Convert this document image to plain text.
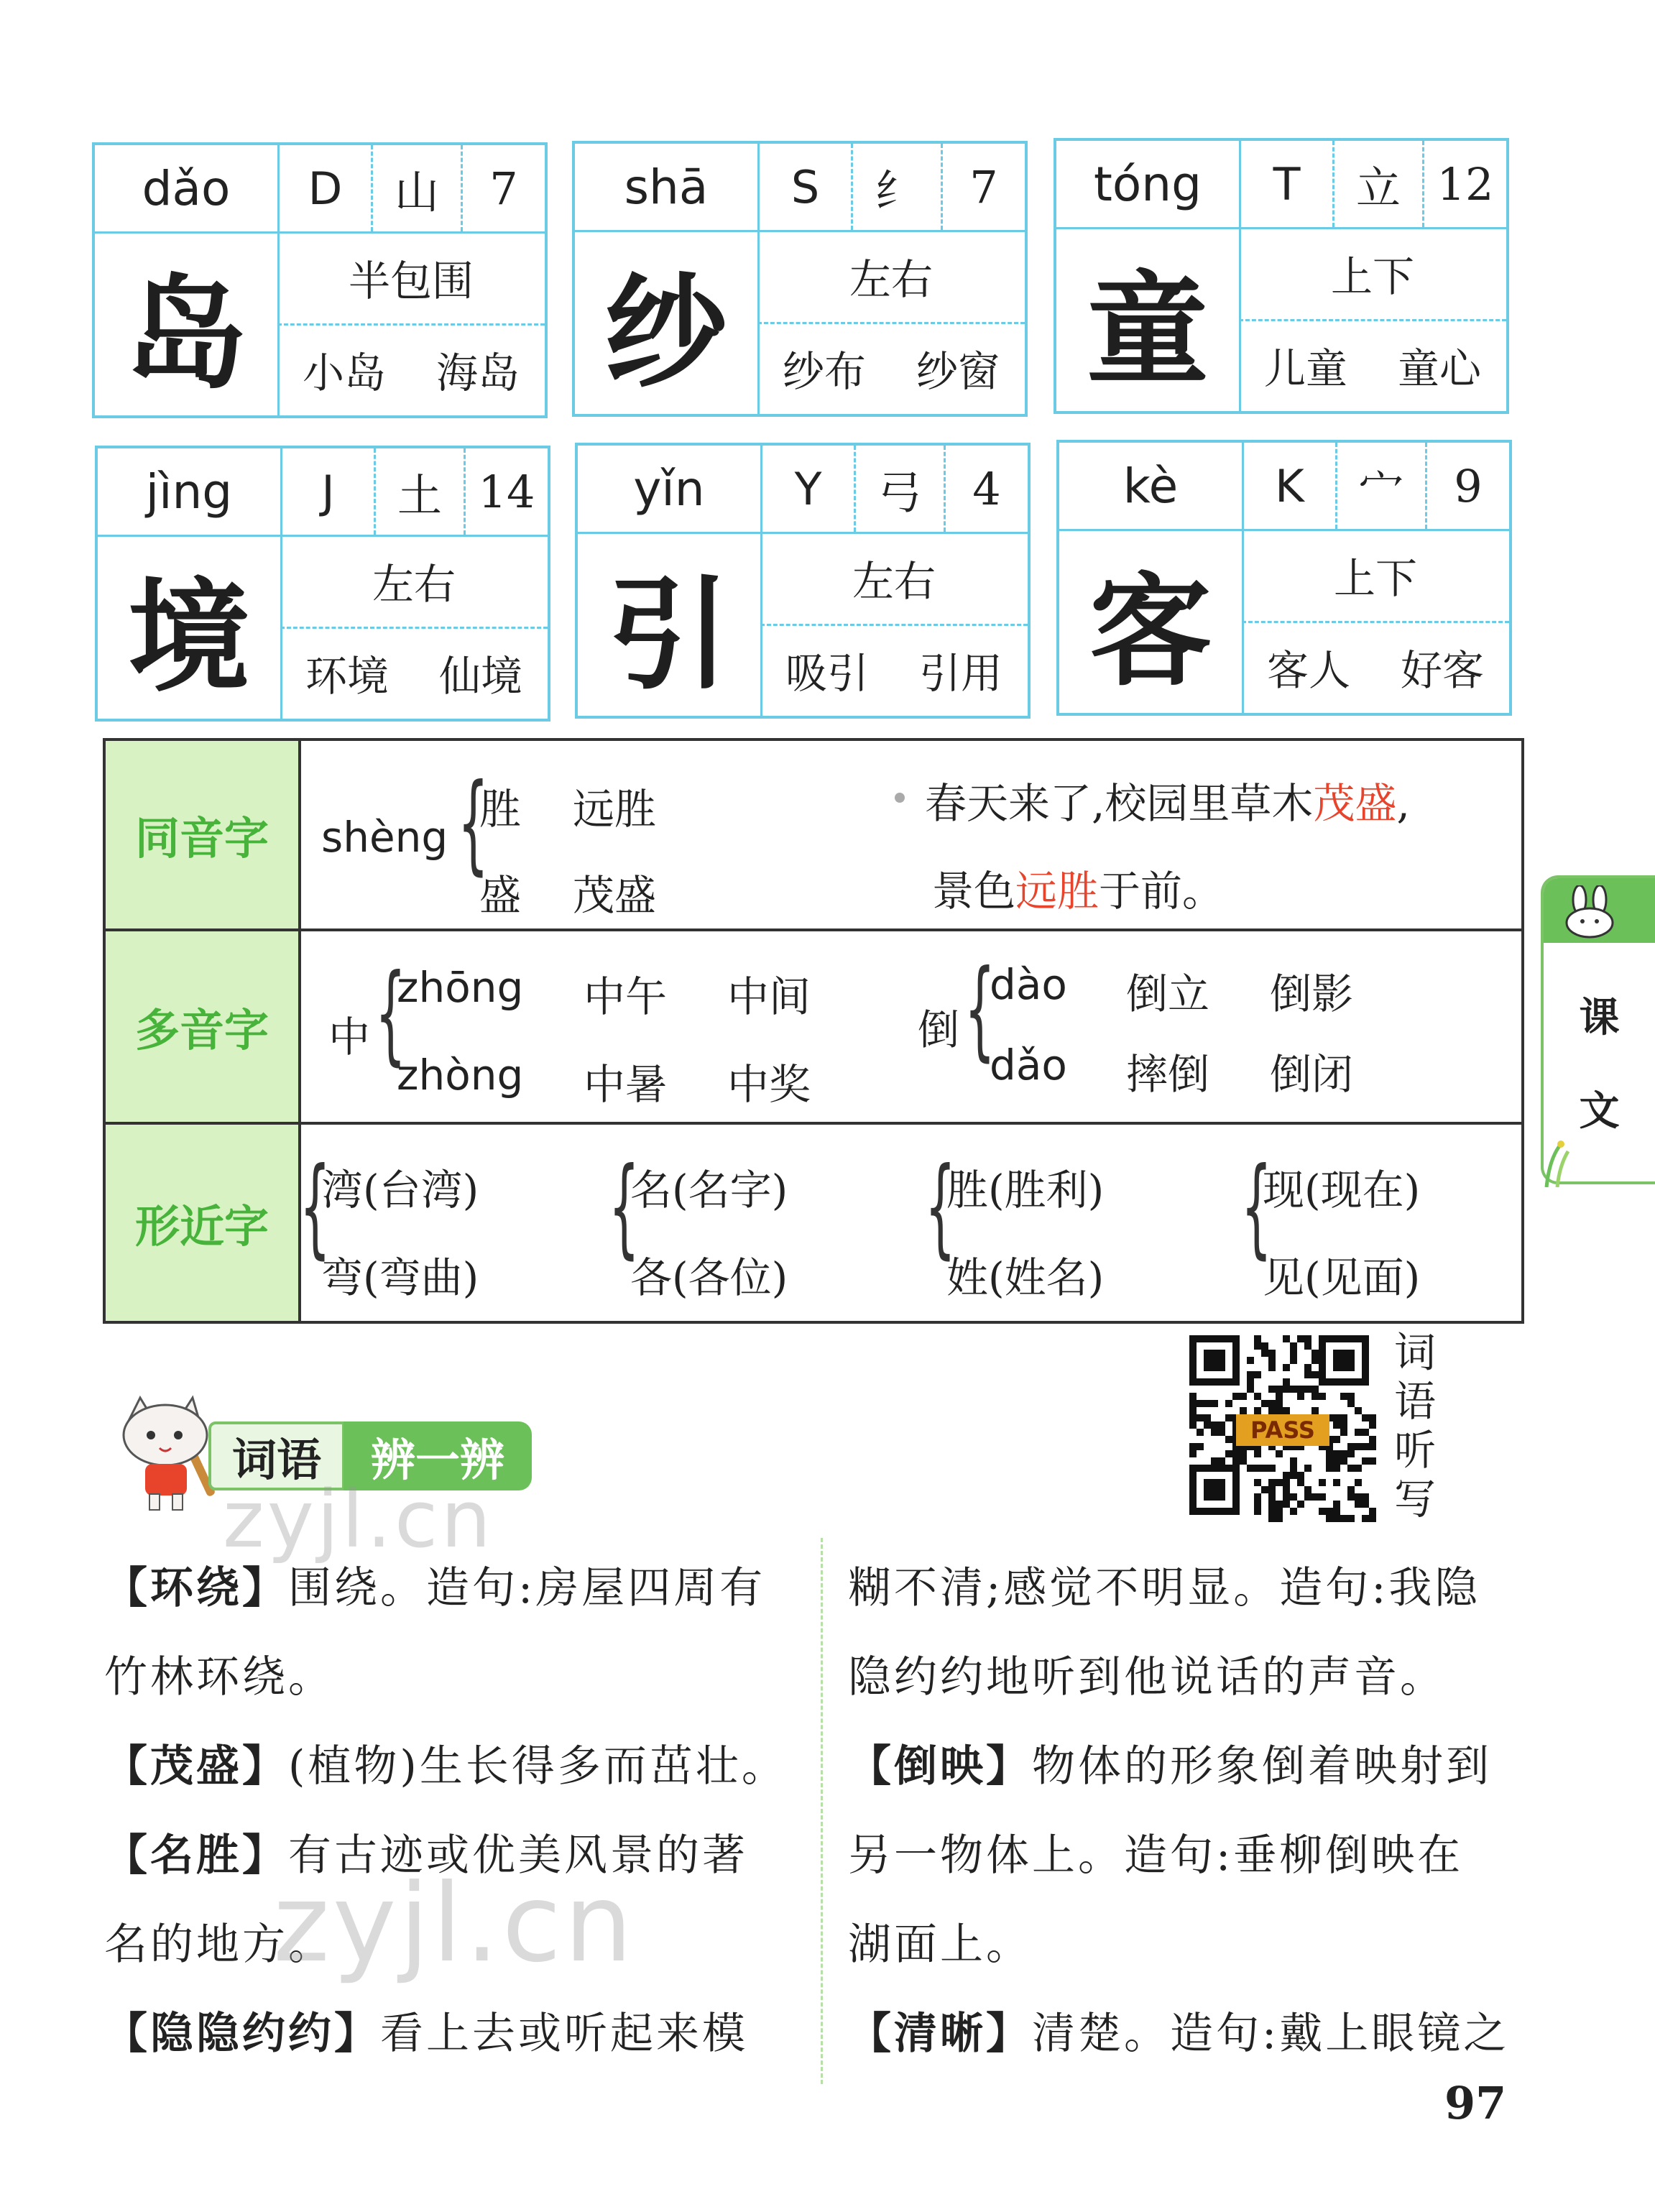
dǎo	D	山	7
岛	半包围
小岛 海岛
shā	S	纟	7
纱	左右
纱布 纱窗
tóng	T	立 12
童	上下
儿童 童心
jìng	J	土 14
境	左右
环境 仙境
yǐn	Y	弓	4
引	左右
吸引 引用
kè	K	宀	9
客	上下
客人 好客
同音字	shèng {
胜 远胜
盛 茂盛
春天来了,校园里草木茂盛,
景色远胜于前。
多音字	中 {
zhōng 中午 中间
zhòng 中暑 中奖
倒 {
dào 倒立 倒影
dǎo 摔倒 倒闭
形近字 {
湾(台湾)
弯(弯曲)
{
名(名字)
各(各位)
{
胜(胜利)
姓(姓名)
{
现(现在)
见(见面)
PASS
词
语
听
写
词语	辨一辨
【环绕】围绕。造句:房屋四周有
竹林环绕。
【茂盛】(植物)生长得多而茁壮。
【名胜】有古迹或优美风景的著
名的地方。
【隐隐约约】看上去或听起来模
糊不清;感觉不明显。造句:我隐
隐约约地听到他说话的声音。
【倒映】物体的形象倒着映射到
另一物体上。造句:垂柳倒映在
湖面上。
【清晰】清楚。造句:戴上眼镜之
课
文
zyjl.cn
zyjl.cn
97
